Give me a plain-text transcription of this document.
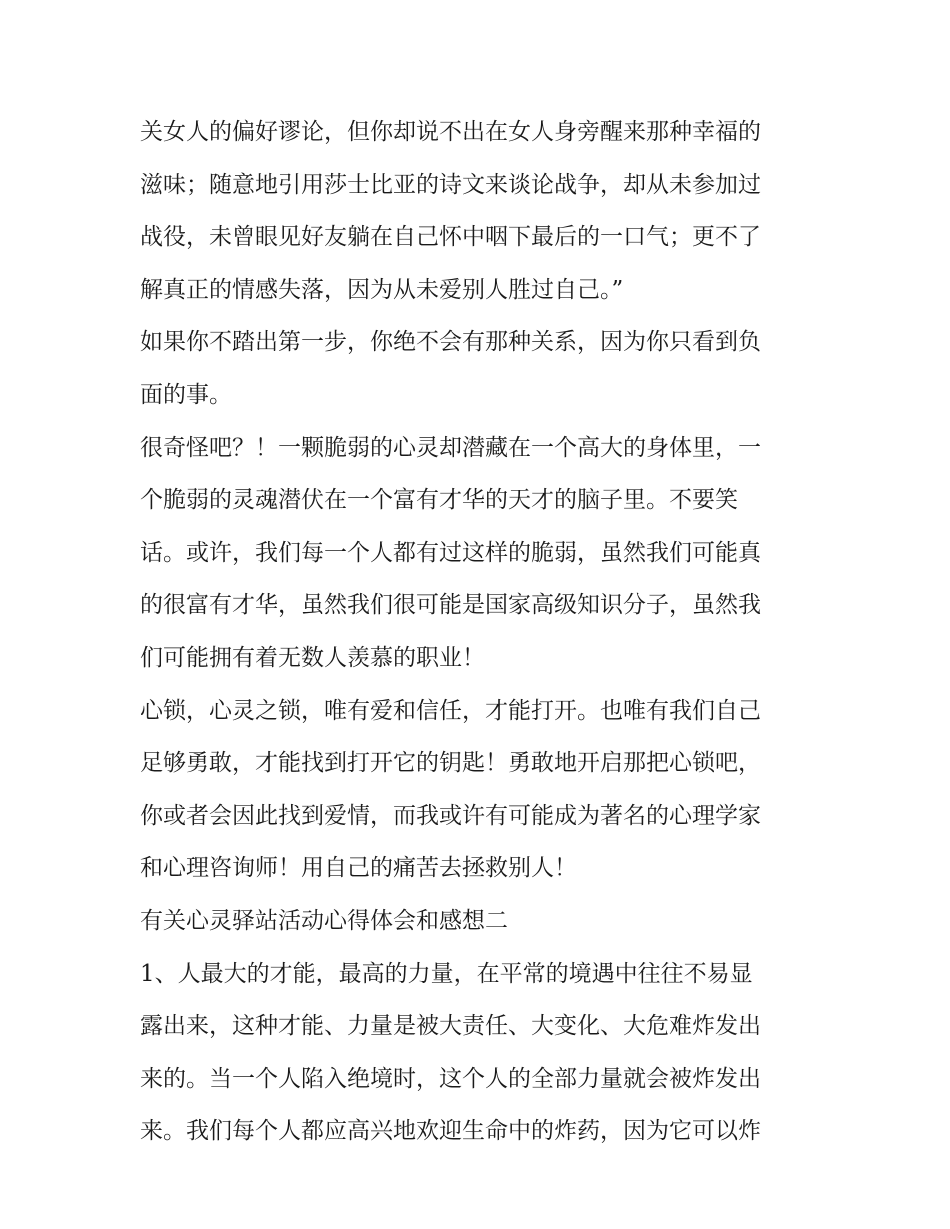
关女人的偏好谬论，但你却说不出在女人身旁醒来那种幸福的
滋味；随意地引用莎士比亚的诗文来谈论战争，却从未参加过
战役，未曾眼见好友躺在自己怀中咽下最后的一口气；更不了
解真正的情感失落，因为从未爱别人胜过自己。”
如果你不踏出第一步，你绝不会有那种关系，因为你只看到负
面的事。
很奇怪吧？！一颗脆弱的心灵却潜藏在一个高大的身体里，一
个脆弱的灵魂潜伏在一个富有才华的天才的脑子里。不要笑
话。或许，我们每一个人都有过这样的脆弱，虽然我们可能真
的很富有才华，虽然我们很可能是国家高级知识分子，虽然我
们可能拥有着无数人羡慕的职业！
心锁，心灵之锁，唯有爱和信任，才能打开。也唯有我们自己
足够勇敢，才能找到打开它的钥匙！勇敢地开启那把心锁吧，
你或者会因此找到爱情，而我或许有可能成为著名的心理学家
和心理咨询师！用自己的痛苦去拯救别人！
有关心灵驿站活动心得体会和感想二
1、人最大的才能，最高的力量，在平常的境遇中往往不易显
露出来，这种才能、力量是被大责任、大变化、大危难炸发出
来的。当一个人陷入绝境时，这个人的全部力量就会被炸发出
来。我们每个人都应高兴地欢迎生命中的炸药，因为它可以炸
